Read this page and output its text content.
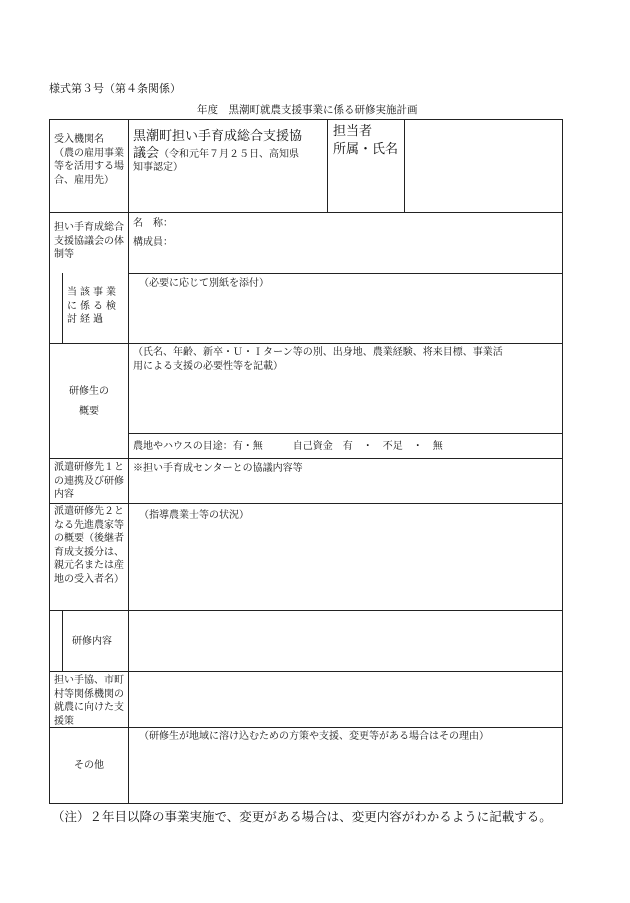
様式第３号（第４条関係）
年度　黒潮町就農支援事業に係る研修実施計画
受入機関名 （農の雇用事業等を活用する場合、雇用先）
黒潮町担い手育成総合支援協
議会（令和元年７月２５日、高知県
知事認定）
担当者
所属・氏名
担い手育成総合支援協議会の体制等
名　称：
構成員：
当該事業に係る検討経過
（必要に応じて別紙を添付）
研修生の
概要
（氏名、年齢、新卒・Ｕ・Ｉターン等の別、出身地、農業経験、将来目標、事業活
用による支援の必要性等を記載）
農地やハウスの目途：有・無　　　自己資金　有　・　不足　・　無
派遣研修先１との連携及び研修内容
※担い手育成センターとの協議内容等
派遣研修先２となる先進農家等の概要（後継者育成支援分は、親元名または産地の受入者名）
（指導農業士等の状況）
研修内容
担い手協、市町村等関係機関の就農に向けた支援策
その他
（研修生が地域に溶け込むための方策や支援、変更等がある場合はその理由）
（注）２年目以降の事業実施で、変更がある場合は、変更内容がわかるように記載する。
